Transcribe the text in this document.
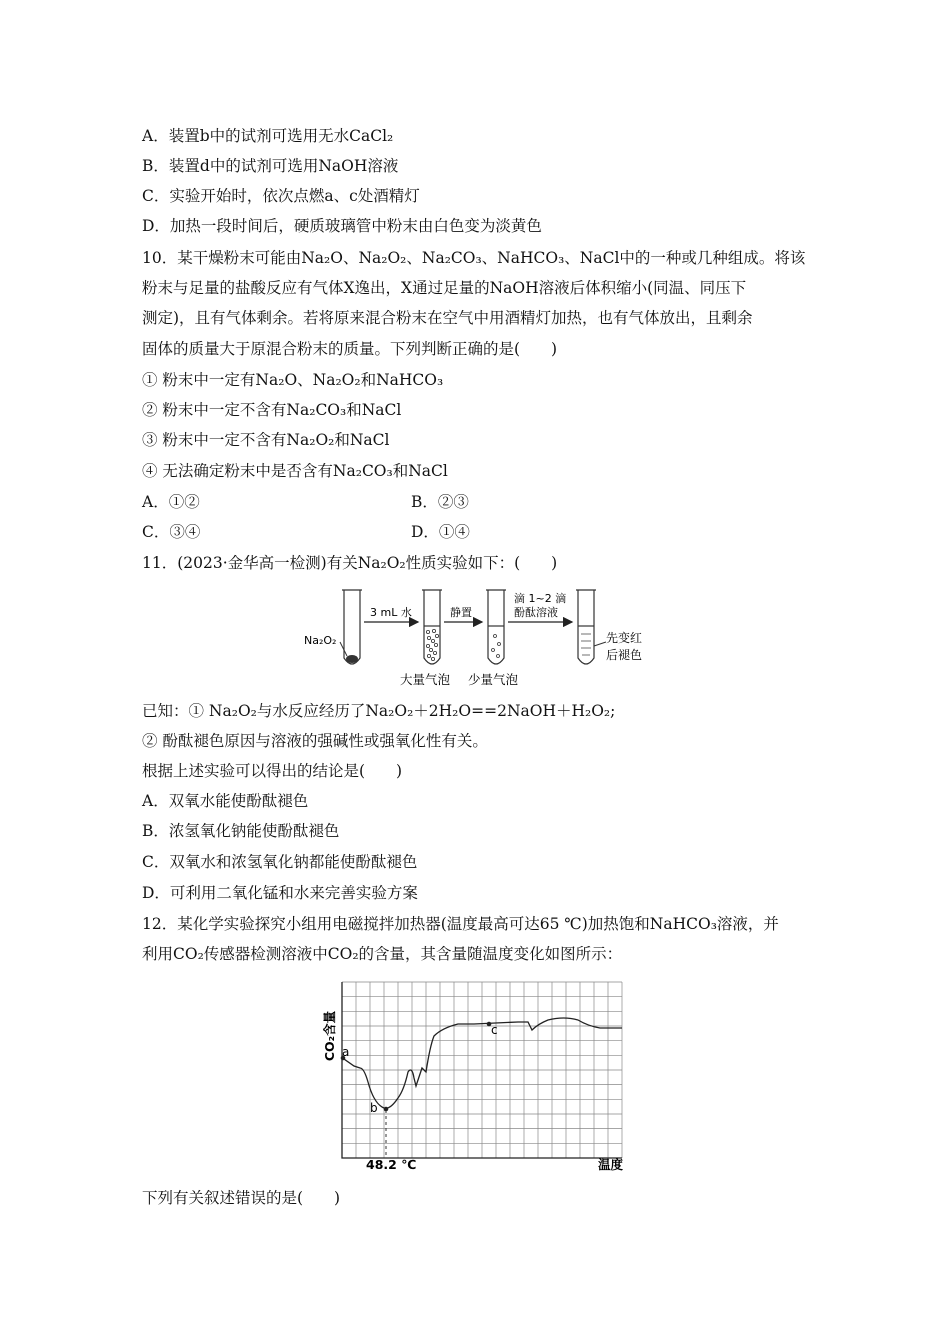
A．装置b中的试剂可选用无水CaCl₂
B．装置d中的试剂可选用NaOH溶液
C．实验开始时，依次点燃a、c处酒精灯
D．加热一段时间后，硬质玻璃管中粉末由白色变为淡黄色
10．某干燥粉末可能由Na₂O、Na₂O₂、Na₂CO₃、NaHCO₃、NaCl中的一种或几种组成。将该
粉末与足量的盐酸反应有气体X逸出，X通过足量的NaOH溶液后体积缩小(同温、同压下
测定)，且有气体剩余。若将原来混合粉末在空气中用酒精灯加热，也有气体放出，且剩余
固体的质量大于原混合粉末的质量。下列判断正确的是(　　)
① 粉末中一定有Na₂O、Na₂O₂和NaHCO₃
② 粉末中一定不含有Na₂CO₃和NaCl
③ 粉末中一定不含有Na₂O₂和NaCl
④ 无法确定粉末中是否含有Na₂CO₃和NaCl
A．①②	B．②③
C．③④	D．①④
11．(2023·金华高一检测)有关Na₂O₂性质实验如下：(　　)
Na₂O₂
3 mL 水	静置
滴 1~2 滴
酚酞溶液
先变红
后褪色
大量气泡 少量气泡
已知：① Na₂O₂与水反应经历了Na₂O₂＋2H₂O==2NaOH＋H₂O₂;
② 酚酞褪色原因与溶液的强碱性或强氧化性有关。
根据上述实验可以得出的结论是(　　)
A．双氧水能使酚酞褪色
B．浓氢氧化钠能使酚酞褪色
C．双氧水和浓氢氧化钠都能使酚酞褪色
D．可利用二氧化锰和水来完善实验方案
12．某化学实验探究小组用电磁搅拌加热器(温度最高可达65 ℃)加热饱和NaHCO₃溶液，并
利用CO₂传感器检测溶液中CO₂的含量，其含量随温度变化如图所示：
CO₂含量 a
b
c
48.2 ℃	温度
下列有关叙述错误的是(　　)
